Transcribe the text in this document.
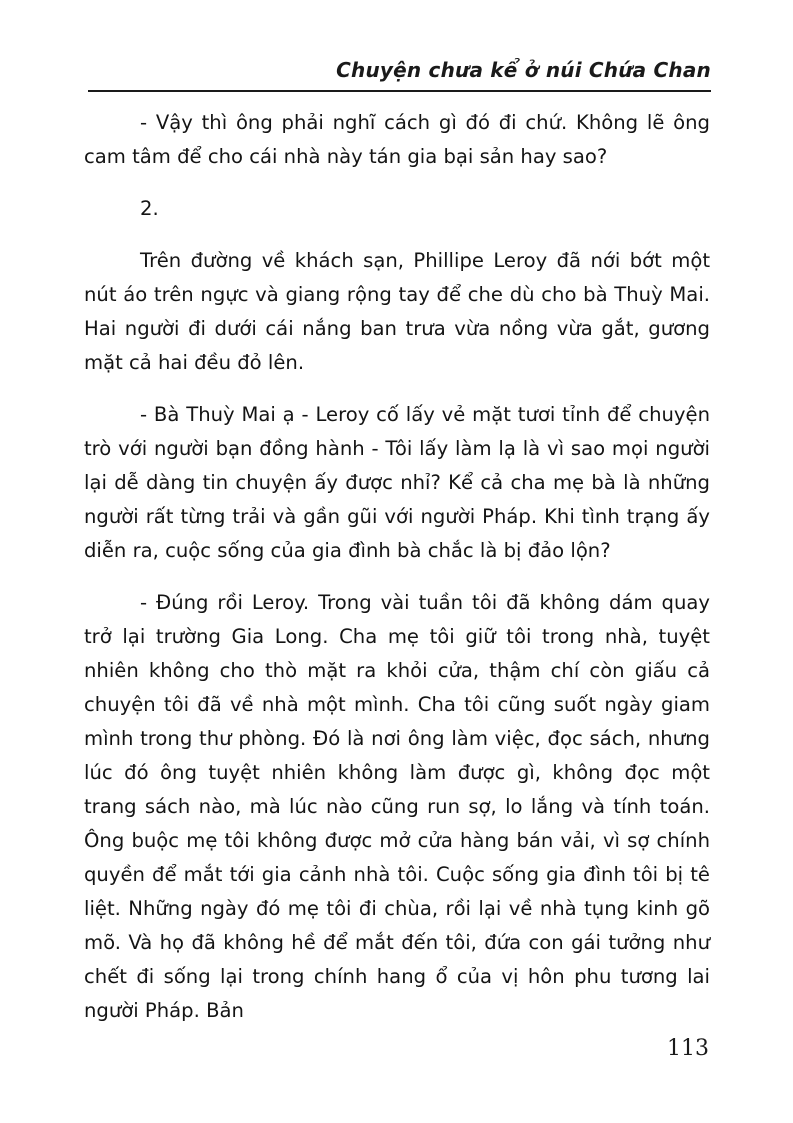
Chuyện chưa kể ở núi Chứa Chan

- Vậy thì ông phải nghĩ cách gì đó đi chứ. Không lẽ ông cam tâm để cho cái nhà này tán gia bại sản hay sao?

2.

Trên đường về khách sạn, Phillipe Leroy đã nới bớt một nút áo trên ngực và giang rộng tay để che dù cho bà Thuỳ Mai. Hai người đi dưới cái nắng ban trưa vừa nồng vừa gắt, gương mặt cả hai đều đỏ lên.

- Bà Thuỳ Mai ạ - Leroy cố lấy vẻ mặt tươi tỉnh để chuyện trò với người bạn đồng hành - Tôi lấy làm lạ là vì sao mọi người lại dễ dàng tin chuyện ấy được nhỉ? Kể cả cha mẹ bà là những người rất từng trải và gần gũi với người Pháp. Khi tình trạng ấy diễn ra, cuộc sống của gia đình bà chắc là bị đảo lộn?

- Đúng rồi Leroy. Trong vài tuần tôi đã không dám quay trở lại trường Gia Long. Cha mẹ tôi giữ tôi trong nhà, tuyệt nhiên không cho thò mặt ra khỏi cửa, thậm chí còn giấu cả chuyện tôi đã về nhà một mình. Cha tôi cũng suốt ngày giam mình trong thư phòng. Đó là nơi ông làm việc, đọc sách, nhưng lúc đó ông tuyệt nhiên không làm được gì, không đọc một trang sách nào, mà lúc nào cũng run sợ, lo lắng và tính toán. Ông buộc mẹ tôi không được mở cửa hàng bán vải, vì sợ chính quyền để mắt tới gia cảnh nhà tôi. Cuộc sống gia đình tôi bị tê liệt. Những ngày đó mẹ tôi đi chùa, rồi lại về nhà tụng kinh gõ mõ. Và họ đã không hề để mắt đến tôi, đứa con gái tưởng như chết đi sống lại trong chính hang ổ của vị hôn phu tương lai người Pháp. Bản

113
